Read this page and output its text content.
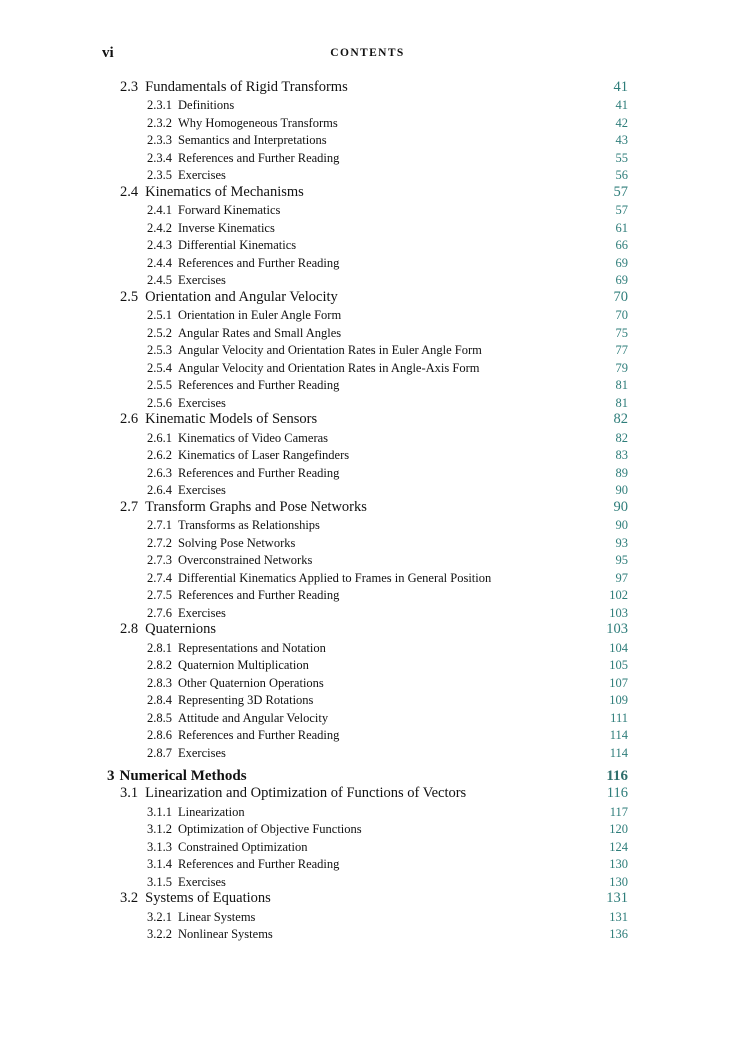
vi	CONTENTS
2.3 Fundamentals of Rigid Transforms	41
2.3.1 Definitions	41
2.3.2 Why Homogeneous Transforms	42
2.3.3 Semantics and Interpretations	43
2.3.4 References and Further Reading	55
2.3.5 Exercises	56
2.4 Kinematics of Mechanisms	57
2.4.1 Forward Kinematics	57
2.4.2 Inverse Kinematics	61
2.4.3 Differential Kinematics	66
2.4.4 References and Further Reading	69
2.4.5 Exercises	69
2.5 Orientation and Angular Velocity	70
2.5.1 Orientation in Euler Angle Form	70
2.5.2 Angular Rates and Small Angles	75
2.5.3 Angular Velocity and Orientation Rates in Euler Angle Form	77
2.5.4 Angular Velocity and Orientation Rates in Angle-Axis Form	79
2.5.5 References and Further Reading	81
2.5.6 Exercises	81
2.6 Kinematic Models of Sensors	82
2.6.1 Kinematics of Video Cameras	82
2.6.2 Kinematics of Laser Rangefinders	83
2.6.3 References and Further Reading	89
2.6.4 Exercises	90
2.7 Transform Graphs and Pose Networks	90
2.7.1 Transforms as Relationships	90
2.7.2 Solving Pose Networks	93
2.7.3 Overconstrained Networks	95
2.7.4 Differential Kinematics Applied to Frames in General Position	97
2.7.5 References and Further Reading	102
2.7.6 Exercises	103
2.8 Quaternions	103
2.8.1 Representations and Notation	104
2.8.2 Quaternion Multiplication	105
2.8.3 Other Quaternion Operations	107
2.8.4 Representing 3D Rotations	109
2.8.5 Attitude and Angular Velocity	111
2.8.6 References and Further Reading	114
2.8.7 Exercises	114
3 Numerical Methods	116
3.1 Linearization and Optimization of Functions of Vectors	116
3.1.1 Linearization	117
3.1.2 Optimization of Objective Functions	120
3.1.3 Constrained Optimization	124
3.1.4 References and Further Reading	130
3.1.5 Exercises	130
3.2 Systems of Equations	131
3.2.1 Linear Systems	131
3.2.2 Nonlinear Systems	136
